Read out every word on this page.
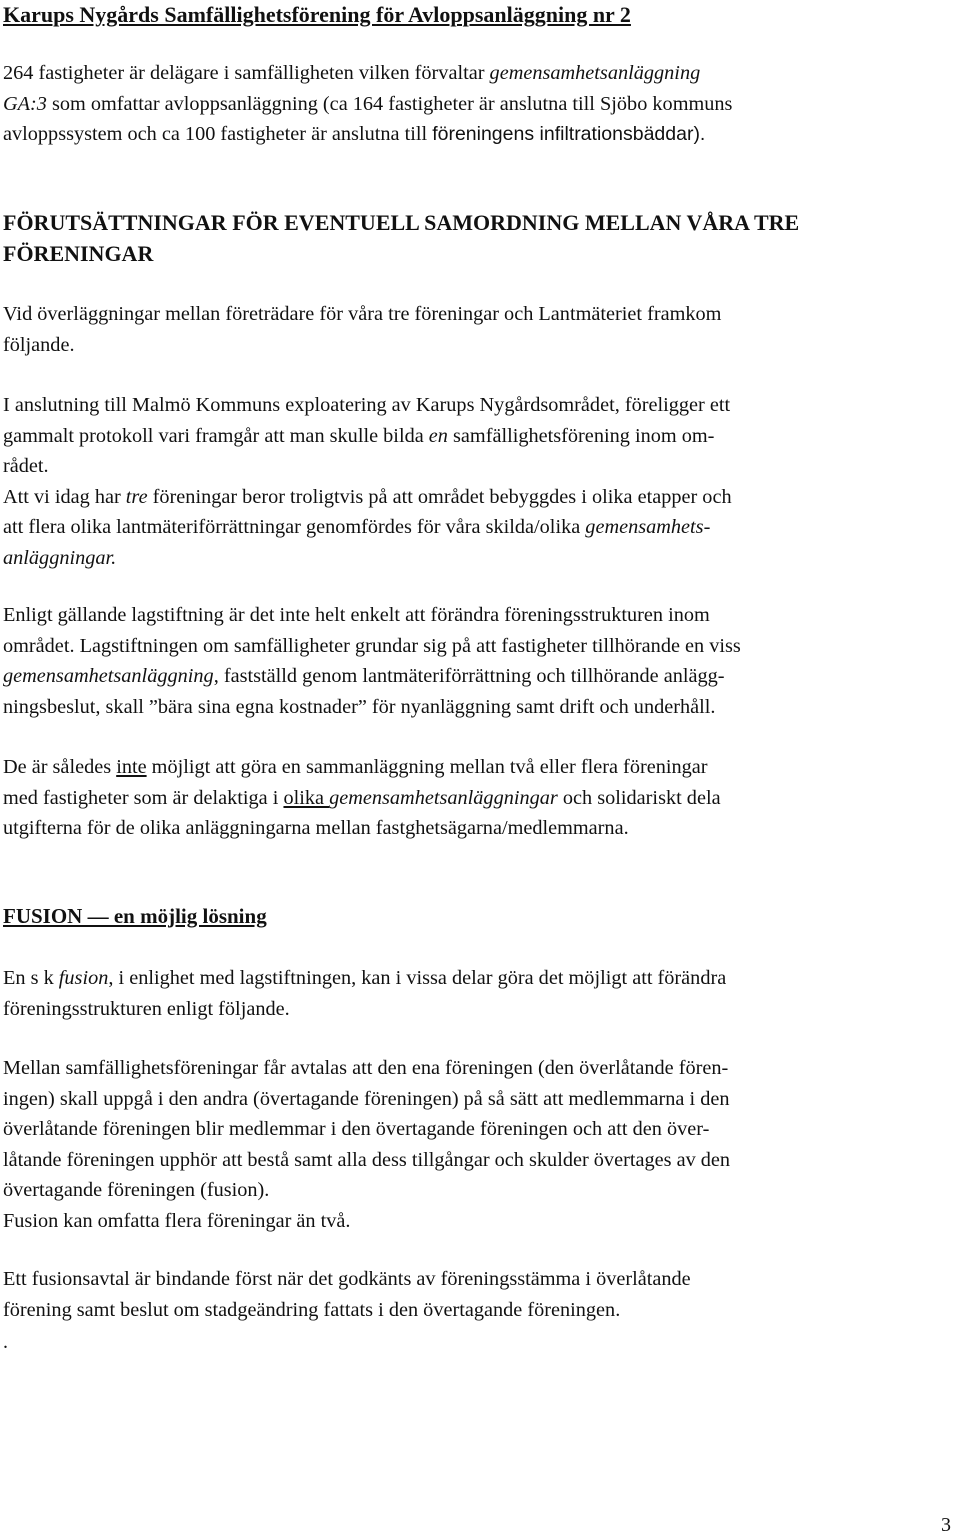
Karups Nygårds Samfällighetsförening för Avloppsanläggning nr 2

264 fastigheter är delägare i samfälligheten vilken förvaltar gemensamhetsanläggning
GA:3 som omfattar avloppsanläggning (ca 164 fastigheter är anslutna till Sjöbo kommuns
avloppssystem och ca 100 fastigheter är anslutna till föreningens infiltrationsbäddar).

FÖRUTSÄTTNINGAR FÖR EVENTUELL SAMORDNING MELLAN VÅRA TRE
FÖRENINGAR

Vid överläggningar mellan företrädare för våra tre föreningar och Lantmäteriet framkom
följande.

I anslutning till Malmö Kommuns exploatering av Karups Nygårdsområdet, föreligger ett
gammalt protokoll vari framgår att man skulle bilda en samfällighetsförening inom om-
rådet.
Att vi idag har tre föreningar beror troligtvis på att området bebyggdes i olika etapper och
att flera olika lantmäteriförrättningar genomfördes för våra skilda/olika gemensamhets-
anläggningar.

Enligt gällande lagstiftning är det inte helt enkelt att förändra föreningsstrukturen inom
området. Lagstiftningen om samfälligheter grundar sig på att fastigheter tillhörande en viss
gemensamhetsanläggning, fastställd genom lantmäteriförrättning och tillhörande anlägg-
ningsbeslut, skall ”bära sina egna kostnader” för nyanläggning samt drift och underhåll.

De är således inte möjligt att göra en sammanläggning mellan två eller flera föreningar
med fastigheter som är delaktiga i olika gemensamhetsanläggningar och solidariskt dela
utgifterna för de olika anläggningarna mellan fastghetsägarna/medlemmarna.

FUSION — en möjlig lösning

En s k fusion, i enlighet med lagstiftningen, kan i vissa delar göra det möjligt att förändra
föreningsstrukturen enligt följande.

Mellan samfällighetsföreningar får avtalas att den ena föreningen (den överlåtande fören-
ingen) skall uppgå i den andra (övertagande föreningen) på så sätt att medlemmarna i den
överlåtande föreningen blir medlemmar i den övertagande föreningen och att den över-
låtande föreningen upphör att bestå samt alla dess tillgångar och skulder övertages av den
övertagande föreningen (fusion).
Fusion kan omfatta flera föreningar än två.

Ett fusionsavtal är bindande först när det godkänts av föreningsstämma i överlåtande
förening samt beslut om stadgeändring fattats i den övertagande föreningen.

.

3
